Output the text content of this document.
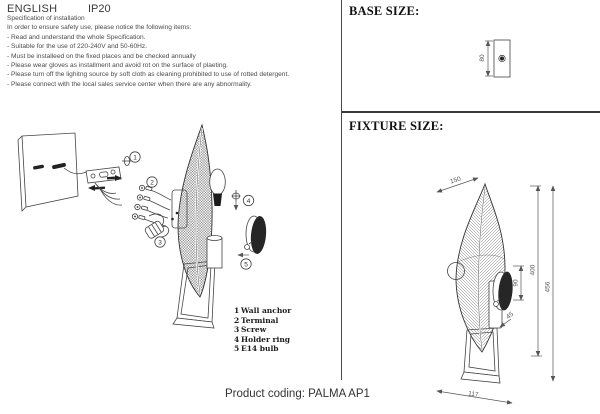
ENGLISH	IP20
Specification of installation
In order to ensure safety use, please notice the following items:
- Read and understand the whole Specification.
- Suitable for the use of 220-240V and 50-60Hz.
- Must be installeed on the fixed places and be checked annually
- Please wear gloves as installment and avoid rot on the surface of plaeting.
- Please turn off the lighitng source by soft cloth as cleaning prohibited to use of rotted detergent.
- Please connect with the local sales service center when there are any abnormality.
BASE SIZE:
FIXTURE SIZE:
1
2
3
4
5
1 Wall anchor
2 Terminal
3 Screw
4 Holder ring
5 E14 bulb
80
150
90
45
400
456
117
Product coding: PALMA AP1
